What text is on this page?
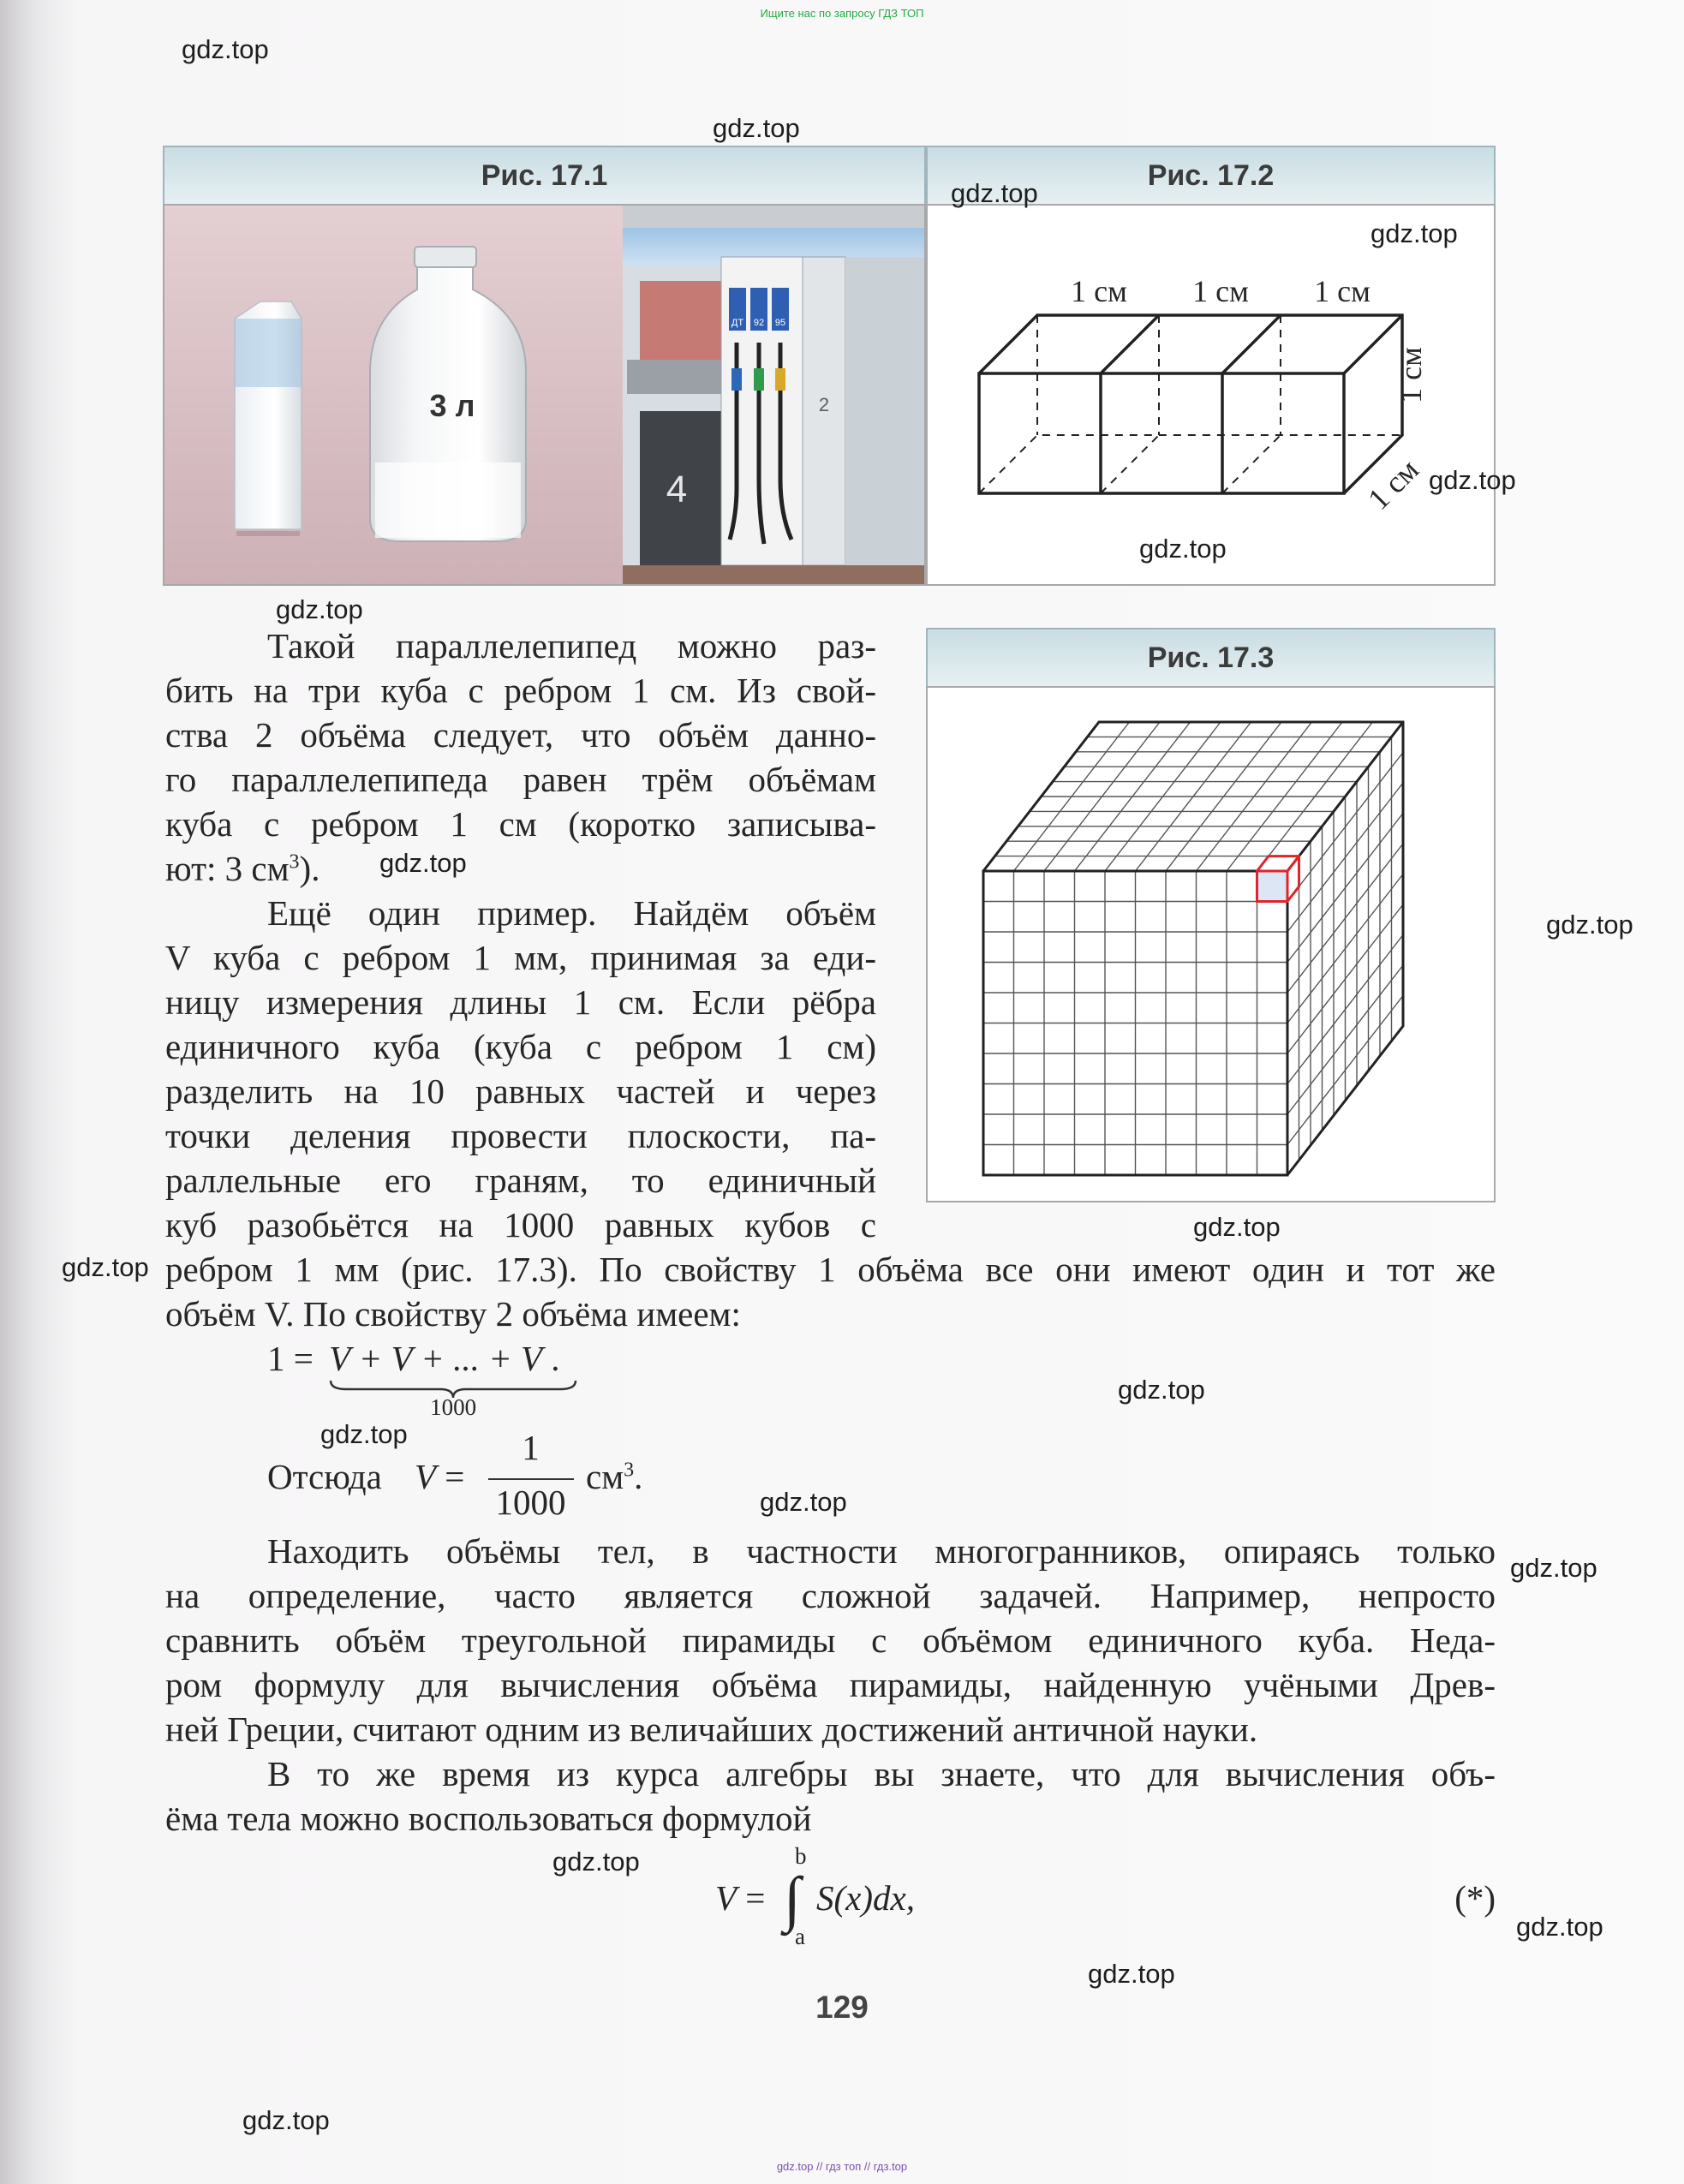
Ищите нас по запросу ГДЗ ТОП
Рис. 17.1
3 л
4
2
ДТ 92 95
Рис. 17.2
1 см 1 см 1 см
1 см
1 см
Рис. 17.3

Такой параллелепипед можно раз-

бить на три куба с ребром 1 см. Из свой-

ства 2 объёма следует, что объём данно-

го параллелепипеда равен трём объёмам

куба с ребром 1 см (коротко записыва-

ют: 3 $см^3$).

Ещё один пример. Найдём объём

V куба с ребром 1 мм, принимая за еди-

ницу измерения длины 1 см. Если рёбра

единичного куба (куба с ребром 1 см)

разделить на 10 равных частей и через

точки деления провести плоскости, па-

раллельные его граням, то единичный

куб разобьётся на 1000 равных кубов с

ребром 1 мм (рис. 17.3). По свойству 1 объёма все они имеют один и тот же

объём V. По свойству 2 объёма имеем:

1 = V + V + ... + V
1000
.
Отсюда V =
1
1000
$см^3$.

Находить объёмы тел, в частности многогранников, опираясь только

на определение, часто является сложной задачей. Например, непросто

сравнить объём треугольной пирамиды с объёмом единичного куба. Неда-

ром формулу для вычисления объёма пирамиды, найденную учёными Древ-

ней Греции, считают одним из величайших достижений античной науки.

В то же время из курса алгебры вы знаете, что для вычисления объ-

ёма тела можно воспользоваться формулой

V =
b
∫
a
S(x)dx,	(*)
129
gdz.top
gdz.top
gdz.top
gdz.top
gdz.top
gdz.top
gdz.top
gdz.top
gdz.top
gdz.top
gdz.top
gdz.top
gdz.top
gdz.top
gdz.top
gdz.top
gdz.top
gdz.top
gdz.top
gdz.top // гдз топ // гдз.top
